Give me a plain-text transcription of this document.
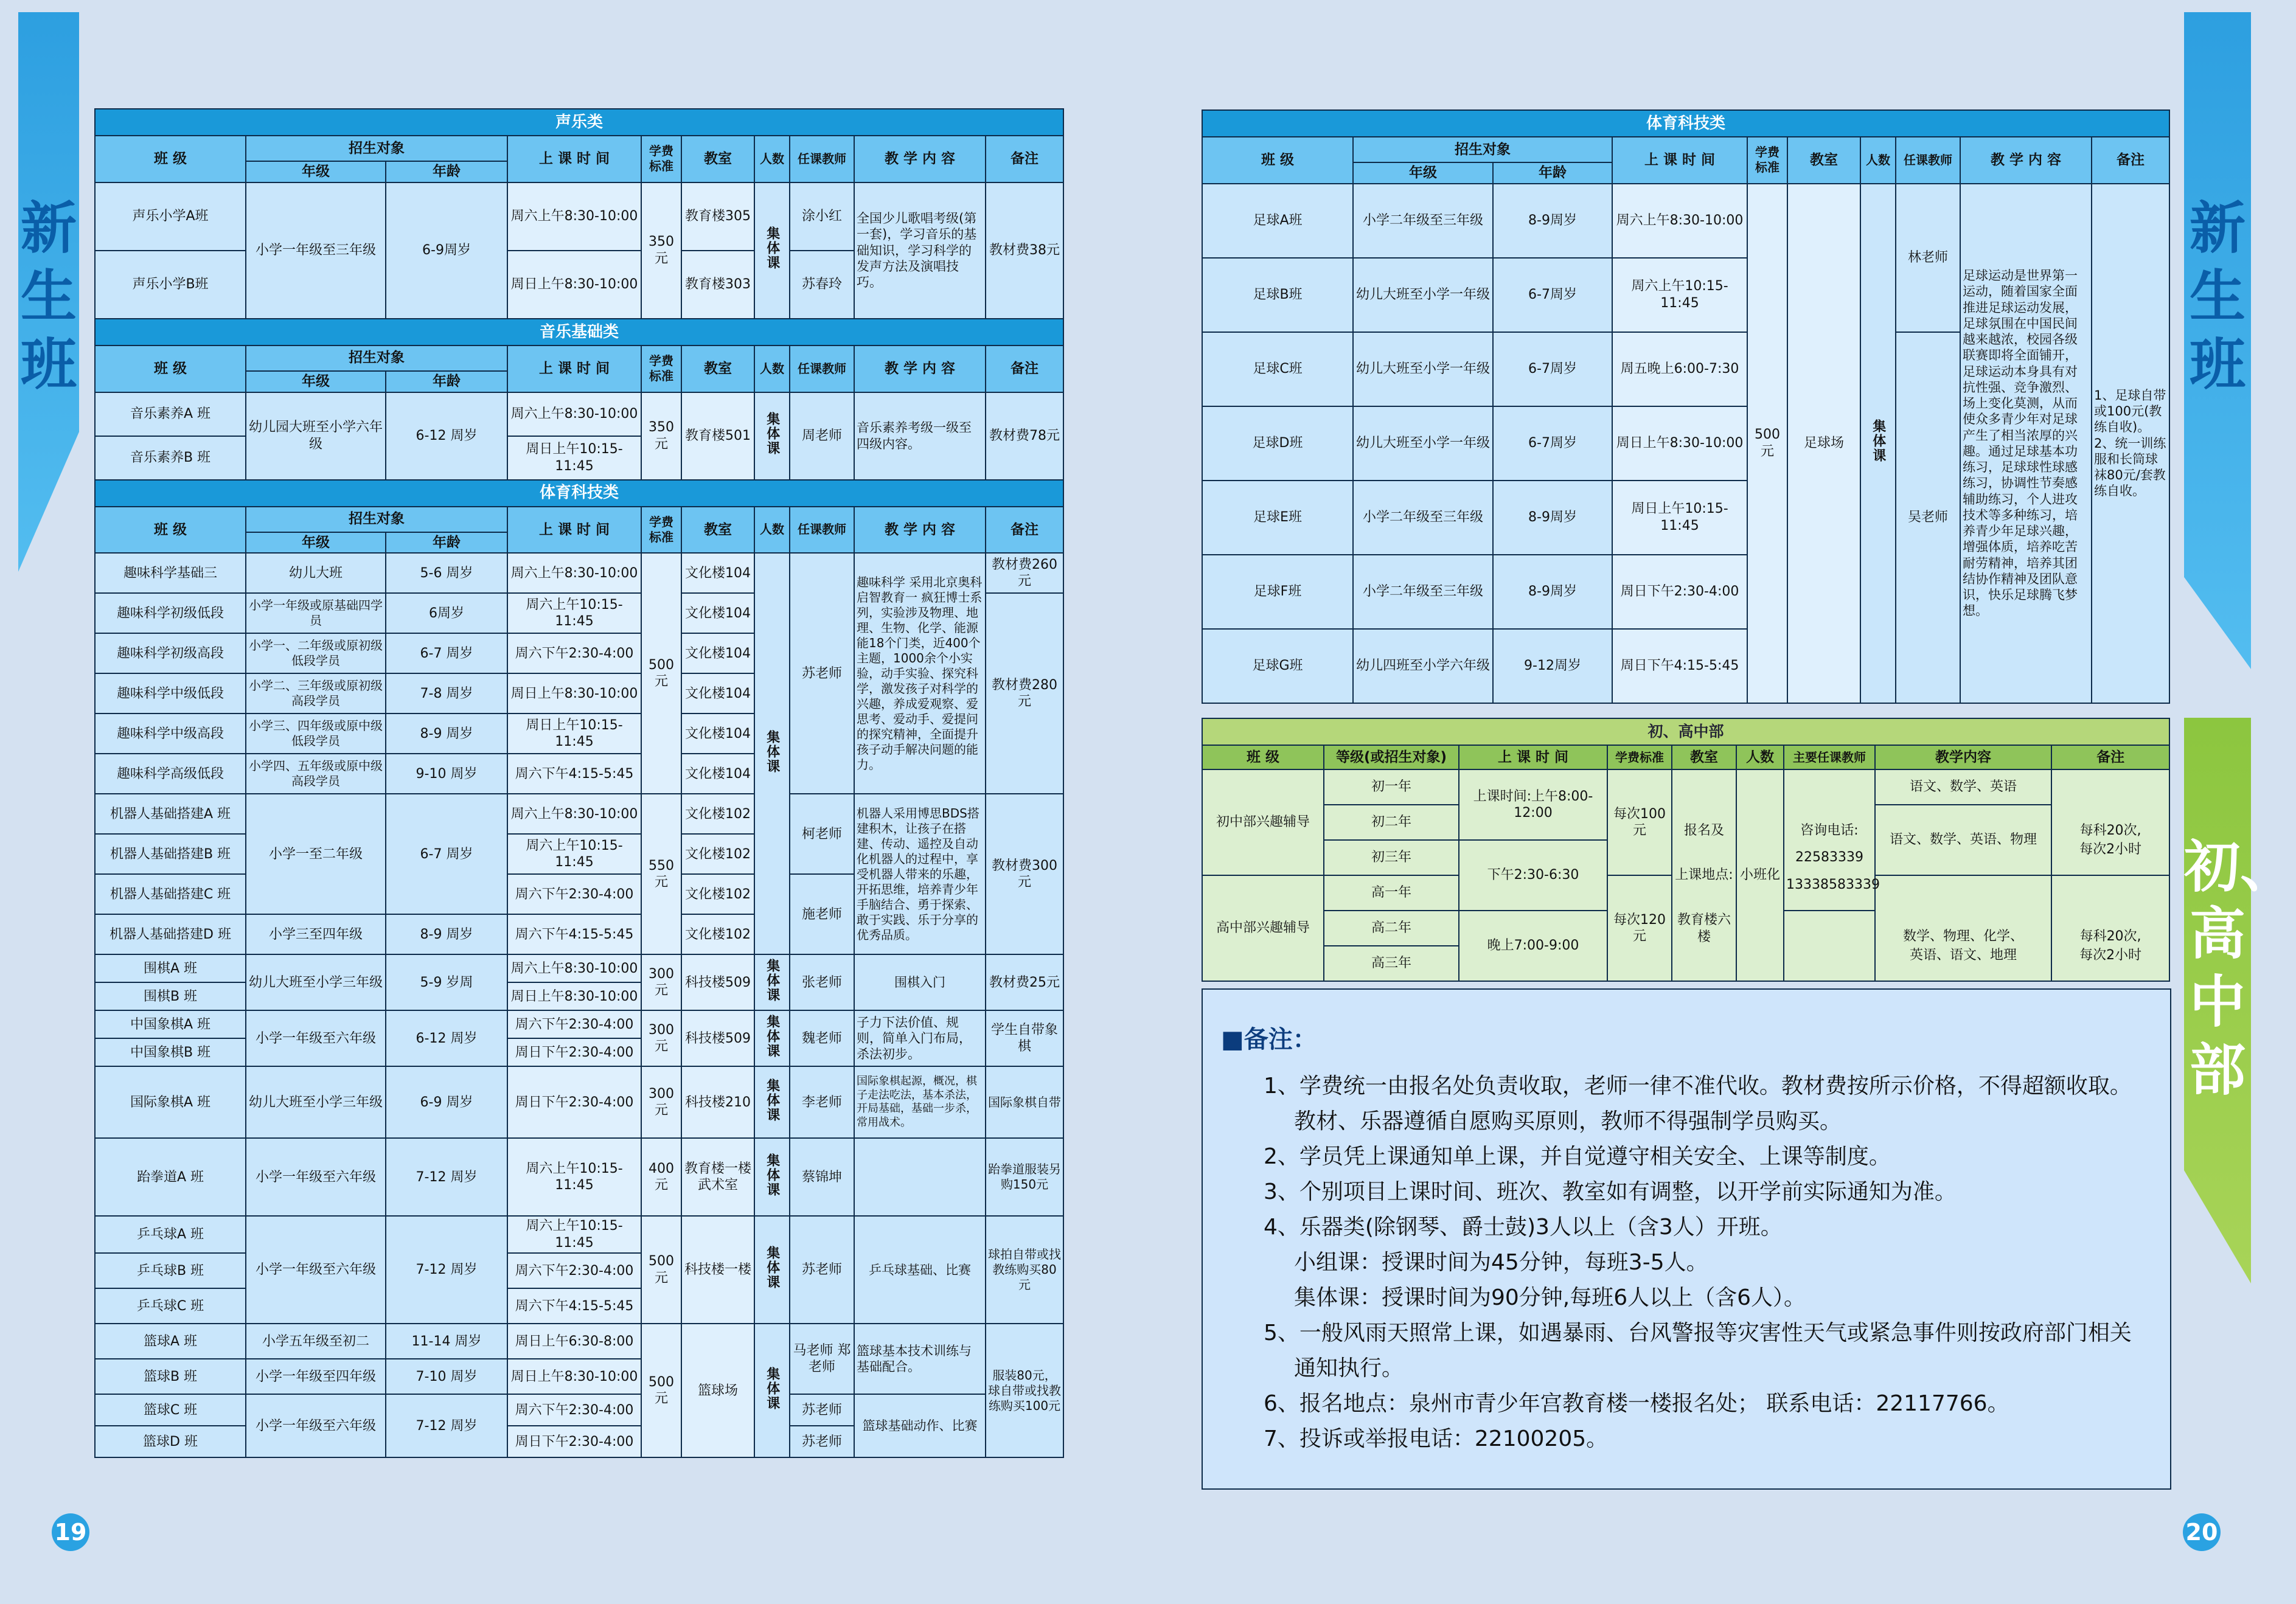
新生班
新生班
初、
高中部
19	20
声乐类									
班 级	招生对象		上 课 时 间	学费标准	教室	人数	任课教师	教 学 内 容	备注
	年级	年龄							
声乐小学A班	小学一年级至三年级	6-9周岁	周六上午8:30-10:00	350元	教育楼305	集体课	涂小红	全国少儿歌唱考级(第一套)，学习音乐的基础知识，学习科学的发声方法及演唱技巧。	教材费38元
声乐小学B班			周日上午8:30-10:00		教育楼303		苏春玲		
音乐基础类									
班 级	招生对象		上 课 时 间	学费标准	教室	人数	任课教师	教 学 内 容	备注
	年级	年龄							
音乐素养A 班	幼儿园大班至小学六年级	6-12 周岁	周六上午8:30-10:00	350 元	教育楼501	集体课	周老师	音乐素养考级一级至四级内容。	教材费78元
音乐素养B 班			周日上午10:15-11:45						
体育科技类									
班 级	招生对象		上 课 时 间	学费标准	教室	人数	任课教师	教 学 内 容	备注
	年级	年龄							
趣味科学基础三	幼儿大班	5-6 周岁	周六上午8:30-10:00	500元	文化楼104	集体课	苏老师	趣味科学 采用北京奥科启智教育一 疯狂博士系列，实验涉及物理、地理、生物、化学、能源能18个门类，近400个主题，1000余个小实验，动手实验、探究科学，激发孩子对科学的兴趣，养成爱观察、爱思考、爱动手、爱提问的探究精神，全面提升孩子动手解决问题的能力。	教材费260元
趣味科学初级低段	小学一年级或原基础四学员	6周岁	周六上午10:15-11:45		文化楼104				教材费280元
趣味科学初级高段	小学一、二年级或原初级低段学员	6-7 周岁	周六下午2:30-4:00		文化楼104				
趣味科学中级低段	小学二、三年级或原初级高段学员	7-8 周岁	周日上午8:30-10:00		文化楼104				
趣味科学中级高段	小学三、四年级或原中级低段学员	8-9 周岁	周日上午10:15-11:45		文化楼104				
趣味科学高级低段	小学四、五年级或原中级高段学员	9-10 周岁	周六下午4:15-5:45		文化楼104				
机器人基础搭建A 班	小学一至二年级	6-7 周岁	周六上午8:30-10:00	550元	文化楼102		柯老师	机器人采用博思BDS搭建积木，让孩子在搭建、传动、遥控及自动化机器人的过程中，享受机器人带来的乐趣，开拓思维，培养青少年手脑结合、勇于探索、敢于实践、乐于分享的优秀品质。	教材费300元
机器人基础搭建B 班			周六上午10:15-11:45		文化楼102				
机器人基础搭建C 班			周六下午2:30-4:00		文化楼102		施老师		
机器人基础搭建D 班	小学三至四年级	8-9 周岁	周六下午4:15-5:45		文化楼102				
围棋A 班	幼儿大班至小学三年级	5-9 岁周	周六上午8:30-10:00	300 元	科技楼509	集体课	张老师	围棋入门	教材费25元
围棋B 班			周日上午8:30-10:00						
中国象棋A 班	小学一年级至六年级	6-12 周岁	周六下午2:30-4:00	300 元	科技楼509	集体课	魏老师	子力下法价值、规则，简单入门布局，杀法初步。	学生自带象棋
中国象棋B 班			周日下午2:30-4:00						
国际象棋A 班	幼儿大班至小学三年级	6-9 周岁	周日下午2:30-4:00	300 元	科技楼210	集体课	李老师	国际象棋起源，概况，棋子走法吃法，基本杀法，开局基础，基础一步杀，常用战术。	国际象棋自带
跆拳道A 班	小学一年级至六年级	7-12 周岁	周六上午10:15-11:45	400 元	教育楼一楼武术室	集体课	蔡锦坤		跆拳道服装另购150元
乒乓球A 班	小学一年级至六年级	7-12 周岁	周六上午10:15-11:45	500 元	科技楼一楼	集体课	苏老师	乒乓球基础、比赛	球拍自带或找教练购买80元
乒乓球B 班			周六下午2:30-4:00						
乒乓球C 班			周六下午4:15-5:45						
篮球A 班	小学五年级至初二	11-14 周岁	周日上午6:30-8:00	500 元	篮球场	集体课	马老师 郑老师	篮球基本技术训练与基础配合。	服装80元，球自带或找教练购买100元
篮球B 班	小学一年级至四年级	7-10 周岁	周日上午8:30-10:00						
篮球C 班	小学一年级至六年级	7-12 周岁	周六下午2:30-4:00				苏老师	篮球基础动作、比赛	
篮球D 班			周日下午2:30-4:00				苏老师		
体育科技类									
班 级	招生对象		上 课 时 间	学费标准	教室	人数	任课教师	教 学 内 容	备注
	年级	年龄							
足球A班	小学二年级至三年级	8-9周岁	周六上午8:30-10:00	500元	足球场	集体课	林老师	足球运动是世界第一运动，随着国家全面推进足球运动发展，足球氛围在中国民间越来越浓，校园各级联赛即将全面铺开，足球运动本身具有对抗性强、竞争激烈、场上变化莫测，从而使众多青少年对足球产生了相当浓厚的兴趣。通过足球基本功练习，足球球性球感练习，协调性节奏感辅助练习，个人进攻技术等多种练习，培养青少年足球兴趣，增强体质，培养吃苦耐劳精神，培养其团结协作精神及团队意识，快乐足球腾飞梦想。	1、足球自带或100元(教练自收)。2、统一训练服和长筒球袜80元/套教练自收。
足球B班	幼儿大班至小学一年级	6-7周岁	周六上午10:15-11:45						
足球C班	幼儿大班至小学一年级	6-7周岁	周五晚上6:00-7:30				吴老师		
足球D班	幼儿大班至小学一年级	6-7周岁	周日上午8:30-10:00						
足球E班	小学二年级至三年级	8-9周岁	周日上午10:15-11:45						
足球F班	小学二年级至三年级	8-9周岁	周日下午2:30-4:00						
足球G班	幼儿四班至小学六年级	9-12周岁	周日下午4:15-5:45						
初、高中部								
班 级	等级(或招生对象)	上 课 时 间	学费标准	教室	人数	主要任课教师	教学内容	备注
初中部兴趣辅导	初一年	上课时间:上午8:00-12:00	每次100元	报名及	小班化	咨询电话:	语文、数学、英语	每科20次,
	初二年						语文、数学、英语、物理	
	初三年	下午2:30-6:30		上课地点:		22583339		每次2小时
高中部兴趣辅导	高一年		每次120元			13338583339	数学、物理、化学、	每科20次,
	高二年	晚上7:00-9:00		教育楼六楼				
	高三年						英语、语文、地理	每次2小时
■备注：
1、学费统一由报名处负责收取，老师一律不准代收。教材费按所示价格，不得超额收取。
教材、乐器遵循自愿购买原则，教师不得强制学员购买。
2、学员凭上课通知单上课，并自觉遵守相关安全、上课等制度。
3、个别项目上课时间、班次、教室如有调整，以开学前实际通知为准。
4、乐器类(除钢琴、爵士鼓)3人以上（含3人）开班。
小组课：授课时间为45分钟，每班3-5人。
集体课：授课时间为90分钟,每班6人以上（含6人）。
5、一般风雨天照常上课，如遇暴雨、台风警报等灾害性天气或紧急事件则按政府部门相关
通知执行。
6、报名地点：泉州市青少年宫教育楼一楼报名处； 联系电话：22117766。
7、投诉或举报电话：22100205。
